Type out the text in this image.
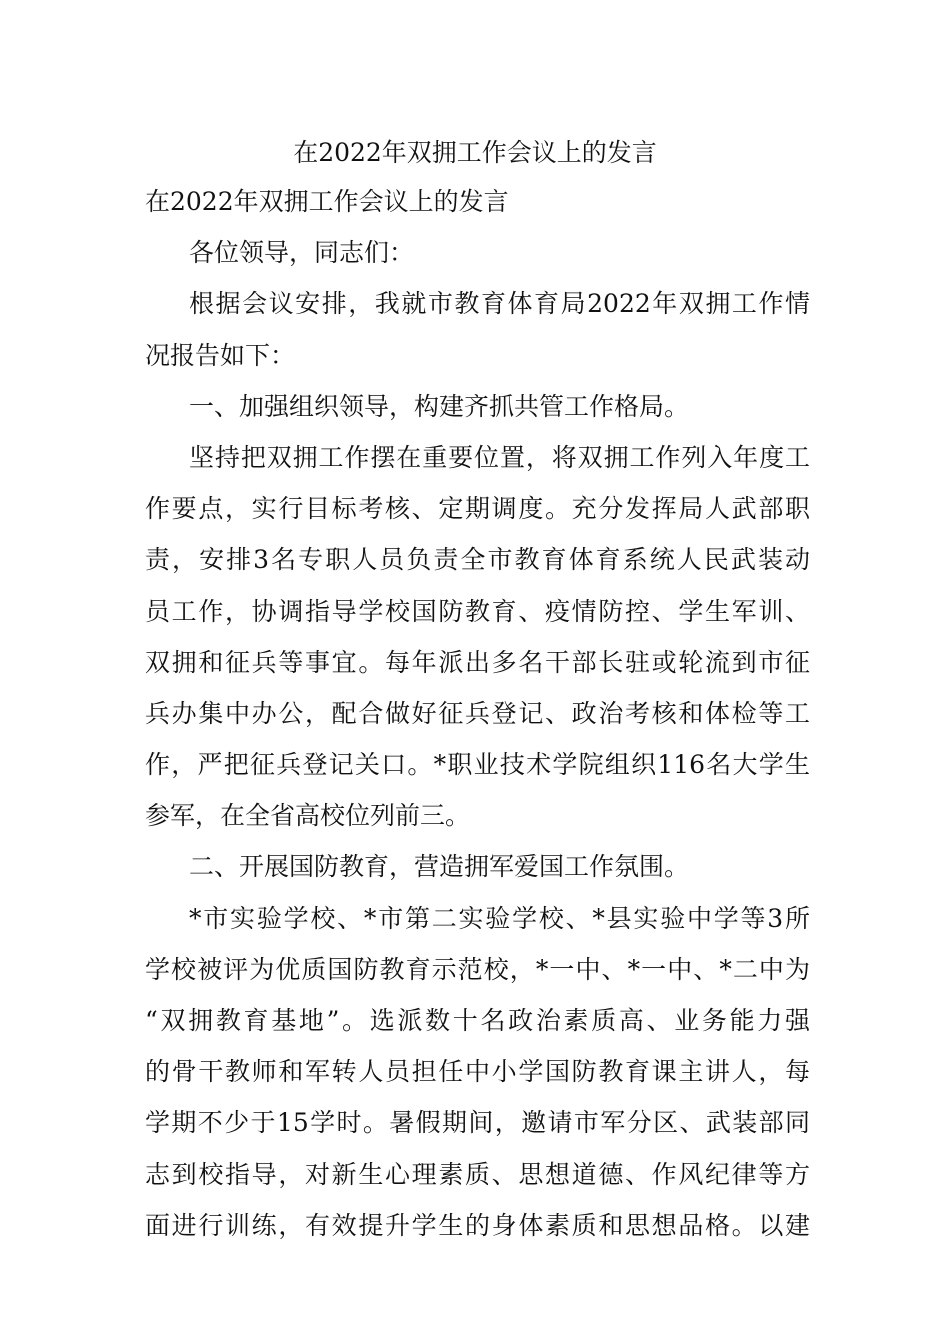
在2022年双拥工作会议上的发言

在2022年双拥工作会议上的发言

各位领导，同志们：

根据会议安排，我就市教育体育局2022年双拥工作情

况报告如下：

一、加强组织领导，构建齐抓共管工作格局。

坚持把双拥工作摆在重要位置，将双拥工作列入年度工

作要点，实行目标考核、定期调度。充分发挥局人武部职

责，安排3名专职人员负责全市教育体育系统人民武装动

员工作，协调指导学校国防教育、疫情防控、学生军训、

双拥和征兵等事宜。每年派出多名干部长驻或轮流到市征

兵办集中办公，配合做好征兵登记、政治考核和体检等工

作，严把征兵登记关口。*职业技术学院组织116名大学生

参军，在全省高校位列前三。

二、开展国防教育，营造拥军爱国工作氛围。

*市实验学校、*市第二实验学校、*县实验中学等3所

学校被评为优质国防教育示范校，*一中、*一中、*二中为

“双拥教育基地”。选派数十名政治素质高、业务能力强

的骨干教师和军转人员担任中小学国防教育课主讲人，每

学期不少于15学时。暑假期间，邀请市军分区、武装部同

志到校指导，对新生心理素质、思想道德、作风纪律等方

面进行训练，有效提升学生的身体素质和思想品格。以建
